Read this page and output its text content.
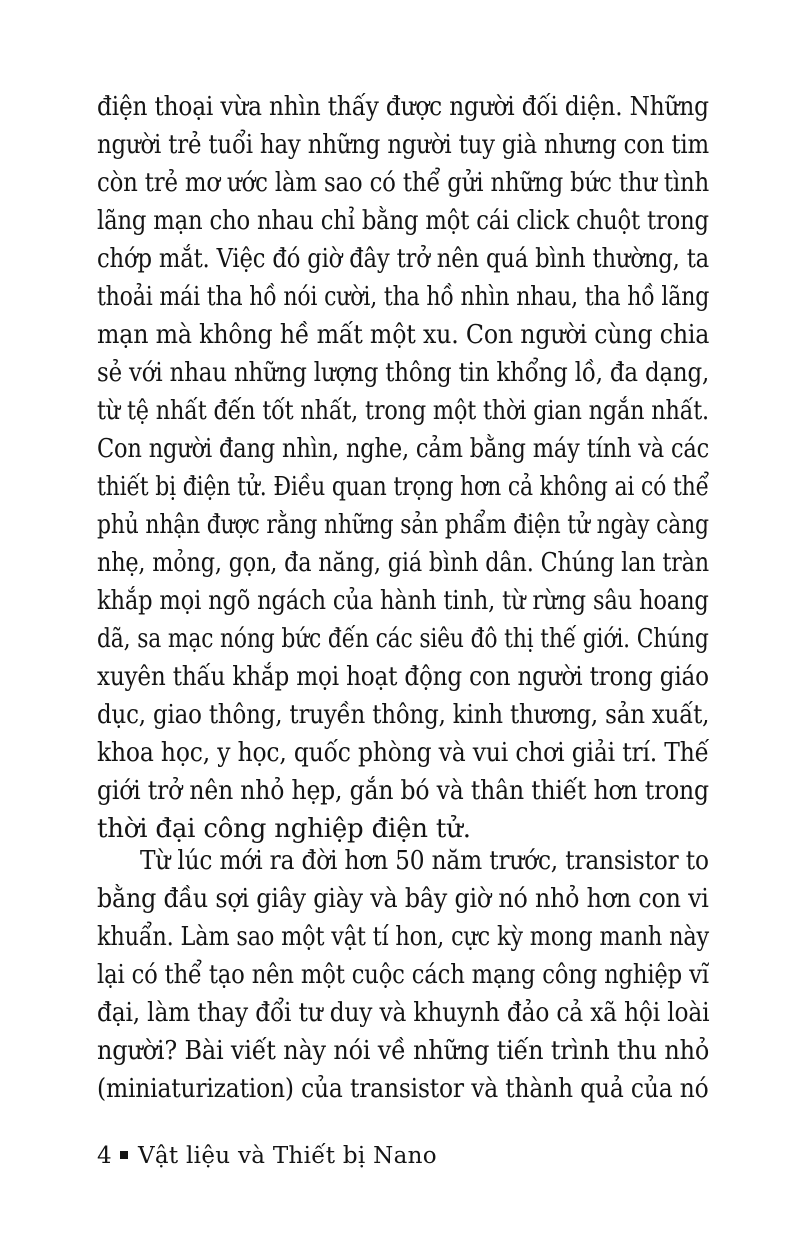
điện thoại vừa nhìn thấy được người đối diện. Những
người trẻ tuổi hay những người tuy già nhưng con tim
còn trẻ mơ ước làm sao có thể gửi những bức thư tình
lãng mạn cho nhau chỉ bằng một cái click chuột trong
chớp mắt. Việc đó giờ đây trở nên quá bình thường, ta
thoải mái tha hồ nói cười, tha hồ nhìn nhau, tha hồ lãng
mạn mà không hề mất một xu. Con người cùng chia
sẻ với nhau những lượng thông tin khổng lồ, đa dạng,
từ tệ nhất đến tốt nhất, trong một thời gian ngắn nhất.
Con người đang nhìn, nghe, cảm bằng máy tính và các
thiết bị điện tử. Điều quan trọng hơn cả không ai có thể
phủ nhận được rằng những sản phẩm điện tử ngày càng
nhẹ, mỏng, gọn, đa năng, giá bình dân. Chúng lan tràn
khắp mọi ngõ ngách của hành tinh, từ rừng sâu hoang
dã, sa mạc nóng bức đến các siêu đô thị thế giới. Chúng
xuyên thấu khắp mọi hoạt động con người trong giáo
dục, giao thông, truyền thông, kinh thương, sản xuất,
khoa học, y học, quốc phòng và vui chơi giải trí. Thế
giới trở nên nhỏ hẹp, gắn bó và thân thiết hơn trong
thời đại công nghiệp điện tử.
Từ lúc mới ra đời hơn 50 năm trước, transistor to
bằng đầu sợi giây giày và bây giờ nó nhỏ hơn con vi
khuẩn. Làm sao một vật tí hon, cực kỳ mong manh này
lại có thể tạo nên một cuộc cách mạng công nghiệp vĩ
đại, làm thay đổi tư duy và khuynh đảo cả xã hội loài
người? Bài viết này nói về những tiến trình thu nhỏ
(miniaturization) của transistor và thành quả của nó
4 Vật liệu và Thiết bị Nano
